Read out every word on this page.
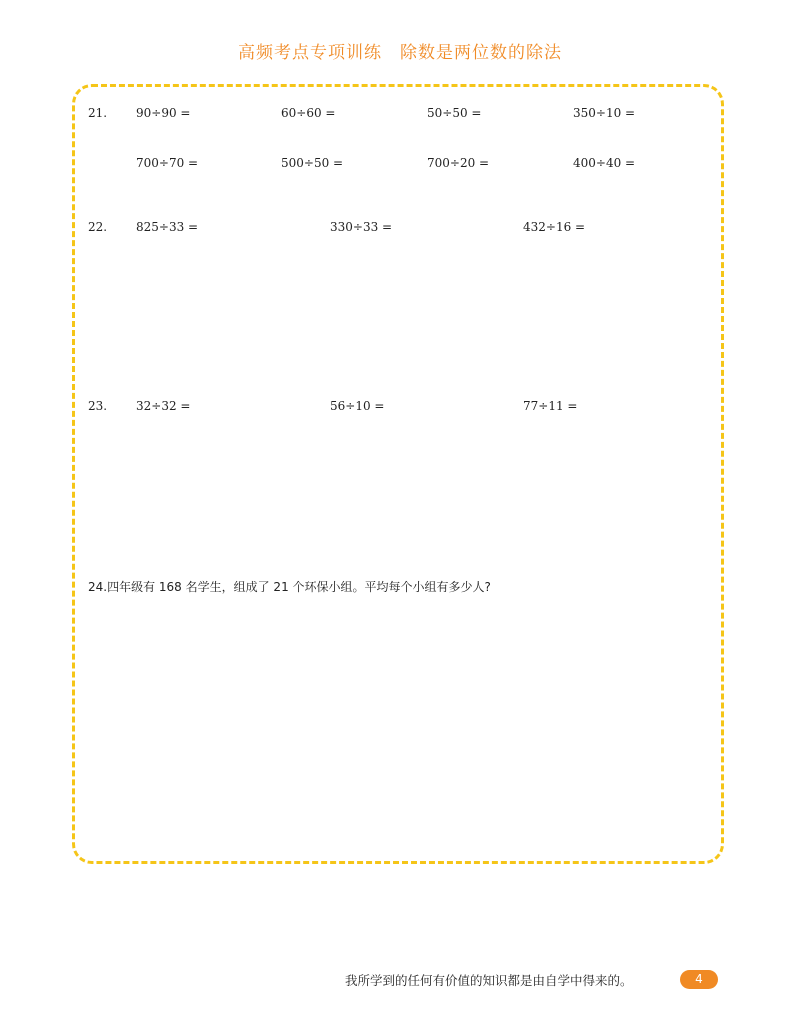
高频考点专项训练　除数是两位数的除法
21. 90÷90 =	60÷60 =	50÷50 =	350÷10 =
700÷70 =	500÷50 =	700÷20 =	400÷40 =
22. 825÷33 =	330÷33 =	432÷16 =
23. 32÷32 =	56÷10 =	77÷11 =
24.四年级有 168 名学生，组成了 21 个环保小组。平均每个小组有多少人?
我所学到的任何有价值的知识都是由自学中得来的。	4
